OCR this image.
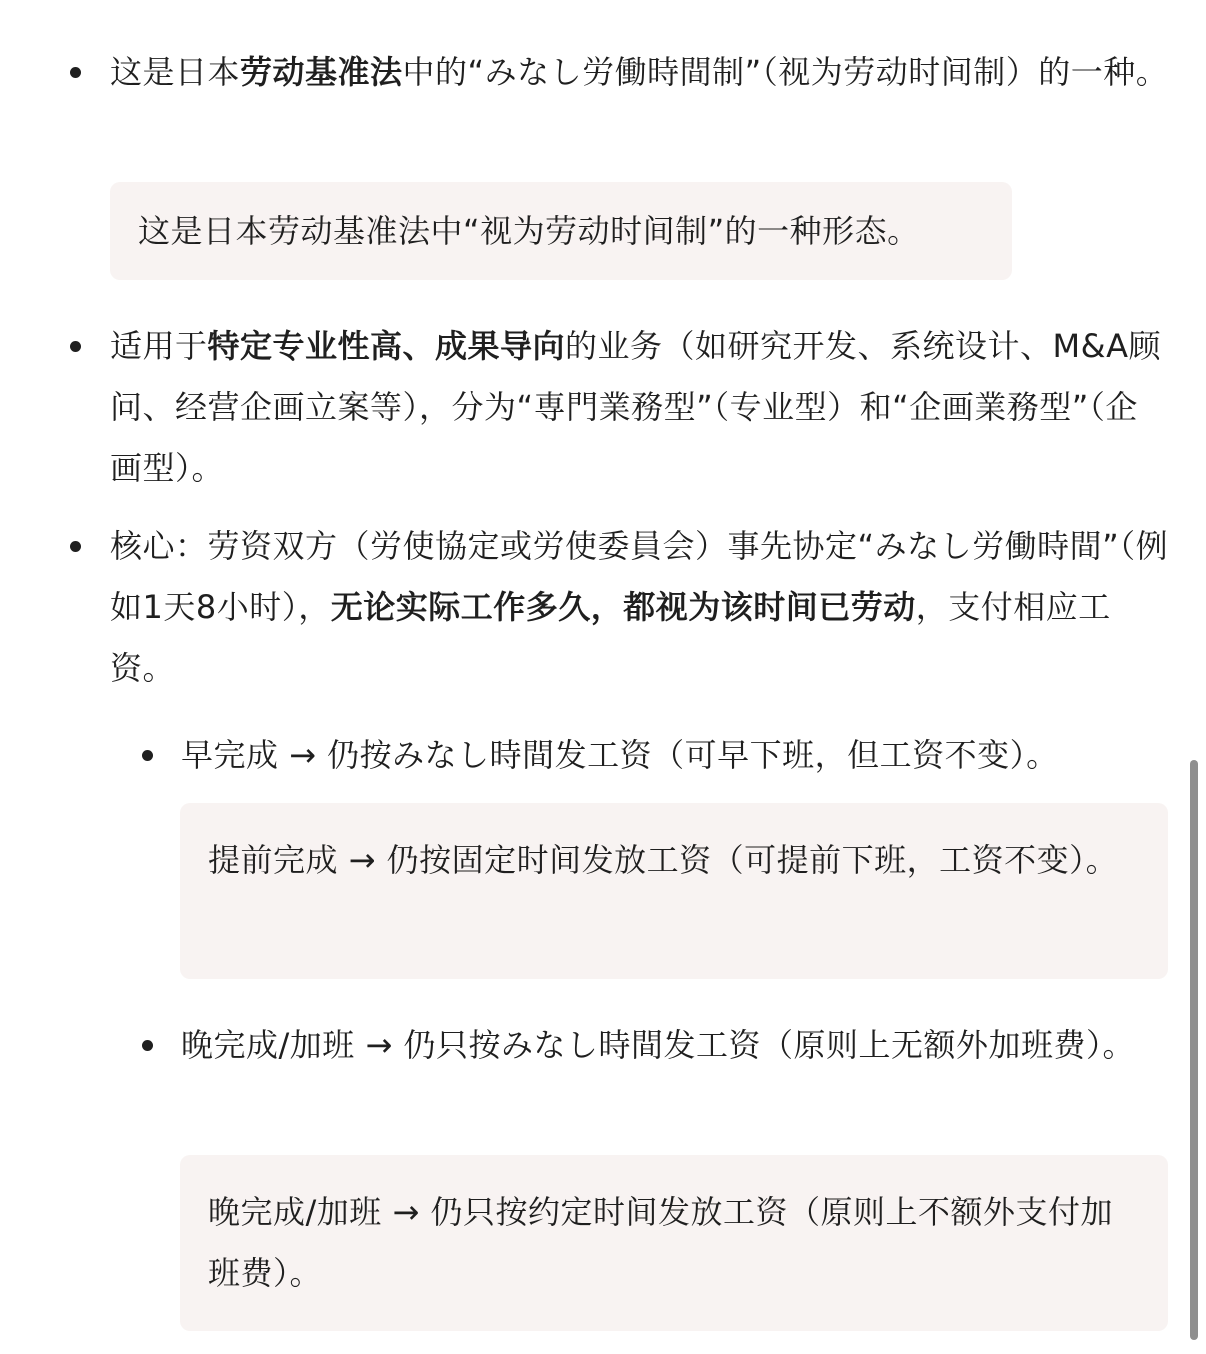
这是日本劳动基准法中的“みなし労働時間制”（视为劳动时间制）的一种。
这是日本劳动基准法中“视为劳动时间制”的一种形态。
适用于特定专业性高、成果导向的业务（如研究开发、系统设计、M&A顾问、经营企画立案等），分为“専門業務型”（专业型）和“企画業務型”（企画型）。
核心：劳资双方（労使協定或労使委員会）事先协定“みなし労働時間”（例如1天8小时），无论实际工作多久，都视为该时间已劳动，支付相应工资。
早完成 → 仍按みなし時間发工资（可早下班，但工资不变）。
提前完成 → 仍按固定时间发放工资（可提前下班，工资不变）。
晚完成/加班 → 仍只按みなし時間发工资（原则上无额外加班费）。
晚完成/加班 → 仍只按约定时间发放工资（原则上不额外支付加班费）。
